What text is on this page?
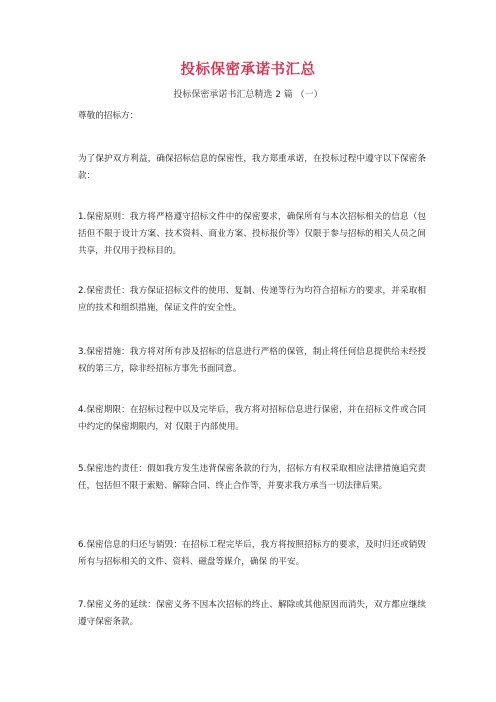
投标保密承诺书汇总
投标保密承诺书汇总精选 2 篇 （一）
尊敬的招标方：
为了保护双方利益，确保招标信息的保密性，我方郑重承诺，在投标过程中遵守以下保密条款：
1.保密原则：我方将严格遵守招标文件中的保密要求，确保所有与本次招标相关的信息（包括但不限于设计方案、技术资料、商业方案、投标报价等）仅限于参与招标的相关人员之间共享，并仅用于投标目的。
2.保密责任：我方保证招标文件的使用、复制、传递等行为均符合招标方的要求，并采取相应的技术和组织措施，保证文件的安全性。
3.保密措施：我方将对所有涉及招标的信息进行严格的保管，制止将任何信息提供给未经授权的第三方，除非经招标方事先书面同意。
4.保密期限：在招标过程中以及完毕后，我方将对招标信息进行保密，并在招标文件或合同中约定的保密期限内，对 仅限于内部使用。
5.保密违约责任：假如我方发生违背保密条款的行为，招标方有权采取相应法律措施追究责任，包括但不限于索赔、解除合同、终止合作等，并要求我方承当一切法律后果。
6.保密信息的归还与销毁：在招标工程完毕后，我方将按照招标方的要求，及时归还或销毁所有与招标相关的文件、资料、磁盘等媒介，确保 的平安。
7.保密义务的延续：保密义务不因本次招标的终止、解除或其他原因而消失，双方都应继续遵守保密条款。
